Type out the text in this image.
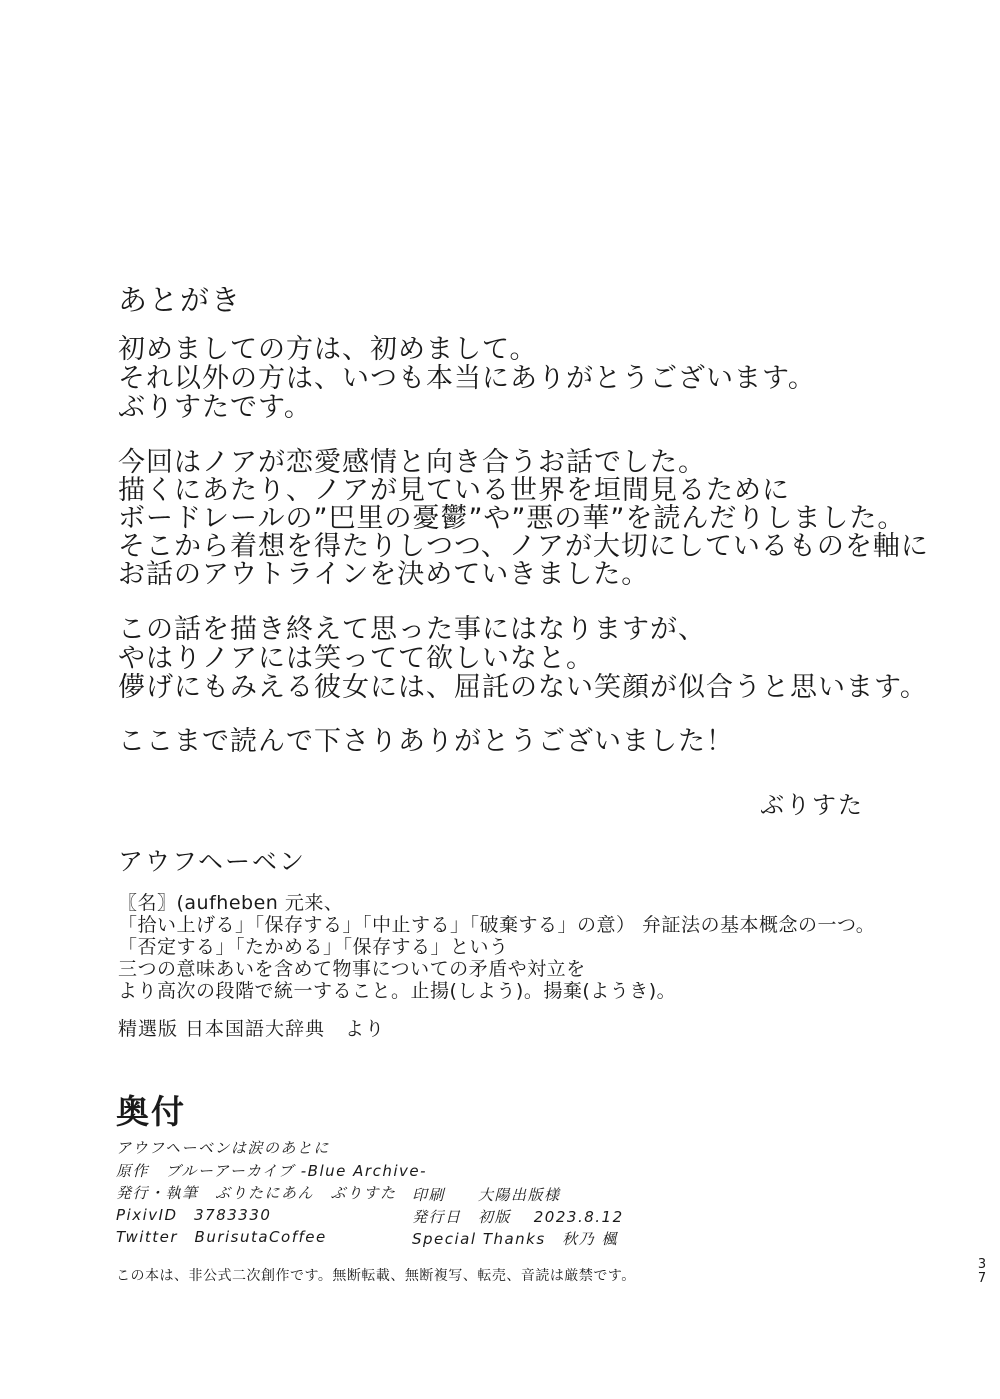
あとがき
初めましての方は、初めまして。
それ以外の方は、いつも本当にありがとうございます。
ぶりすたです。
今回はノアが恋愛感情と向き合うお話でした。
描くにあたり、ノアが見ている世界を垣間見るために
ボードレールの”巴里の憂鬱”や”悪の華”を読んだりしました。
そこから着想を得たりしつつ、ノアが大切にしているものを軸に
お話のアウトラインを決めていきました。
この話を描き終えて思った事にはなりますが、
やはりノアには笑ってて欲しいなと。
儚げにもみえる彼女には、屈託のない笑顔が似合うと思います。
ここまで読んで下さりありがとうございました！
ぶりすた
アウフヘーベン
〖名〗(aufheben 元来、
「拾い上げる」「保存する」「中止する」「破棄する」の意） 弁証法の基本概念の一つ。
「否定する」「たかめる」「保存する」という
三つの意味あいを含めて物事についての矛盾や対立を
より高次の段階で統一すること。止揚(しよう)。揚棄(ようき)。
精選版 日本国語大辞典　より
奥付
アウフヘーベンは涙のあとに
原作　ブルーアーカイブ -Blue Archive-
発行・執筆　ぶりたにあん　ぶりすた
PixivID　3783330
Twitter　BurisutaCoffee
印刷　　大陽出版様
発行日　初版　 2023.8.12
Special Thanks　秋乃 楓
この本は、非公式二次創作です。無断転載、無断複写、転売、音読は厳禁です。
37
